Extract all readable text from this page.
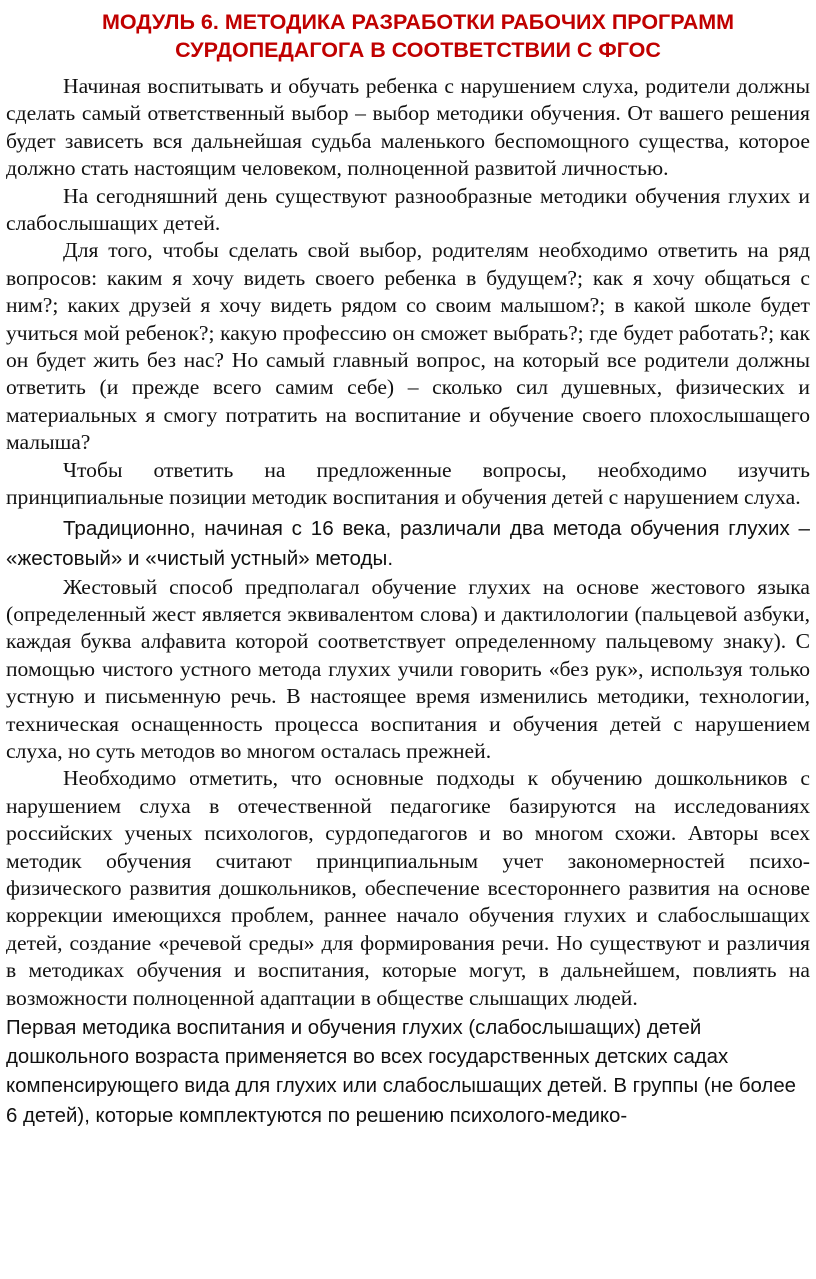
МОДУЛЬ 6. МЕТОДИКА РАЗРАБОТКИ РАБОЧИХ ПРОГРАММ
СУРДОПЕДАГОГА В СООТВЕТСТВИИ С ФГОС

Начиная воспитывать и обучать ребенка с нарушением слуха, родители должны сделать самый ответственный выбор – выбор методики обучения. От вашего решения будет зависеть вся дальнейшая судьба маленького беспомощного существа, которое должно стать настоящим человеком, полноценной развитой личностью.

На сегодняшний день существуют разнообразные методики обучения глухих и слабослышащих детей.

Для того, чтобы сделать свой выбор, родителям необходимо ответить на ряд вопросов: каким я хочу видеть своего ребенка в будущем?; как я хочу общаться с ним?; каких друзей я хочу видеть рядом со своим малышом?; в какой школе будет учиться мой ребенок?; какую профессию он сможет выбрать?; где будет работать?; как он будет жить без нас? Но самый главный вопрос, на который все родители должны ответить (и прежде всего самим себе) – сколько сил душевных, физических и материальных я смогу потратить на воспитание и обучение своего плохослышащего малыша?

Чтобы ответить на предложенные вопросы, необходимо изучить принципиальные позиции методик воспитания и обучения детей с нарушением слуха.

Традиционно, начиная с 16 века, различали два метода обучения глухих – «жестовый» и «чистый устный» методы.

Жестовый способ предполагал обучение глухих на основе жестового языка (определенный жест является эквивалентом слова) и дактилологии (пальцевой азбуки, каждая буква алфавита которой соответствует определенному пальцевому знаку). С помощью чистого устного метода глухих учили говорить «без рук», используя только устную и письменную речь. В настоящее время изменились методики, технологии, техническая оснащенность процесса воспитания и обучения детей с нарушением слуха, но суть методов во многом осталась прежней.

Необходимо отметить, что основные подходы к обучению дошкольников с нарушением слуха в отечественной педагогике базируются на исследованиях российских ученых психологов, сурдопедагогов и во многом схожи. Авторы всех методик обучения считают принципиальным учет закономерностей психо-физического развития дошкольников, обеспечение всестороннего развития на основе коррекции имеющихся проблем, раннее начало обучения глухих и слабослышащих детей, создание «речевой среды» для формирования речи. Но существуют и различия в методиках обучения и воспитания, которые могут, в дальнейшем, повлиять на возможности полноценной адаптации в обществе слышащих людей.

Первая методика воспитания и обучения глухих (слабослышащих) детей дошкольного возраста применяется во всех государственных детских садах компенсирующего вида для глухих или слабослышащих детей. В группы (не более 6 детей), которые комплектуются по решению психолого-медико-
